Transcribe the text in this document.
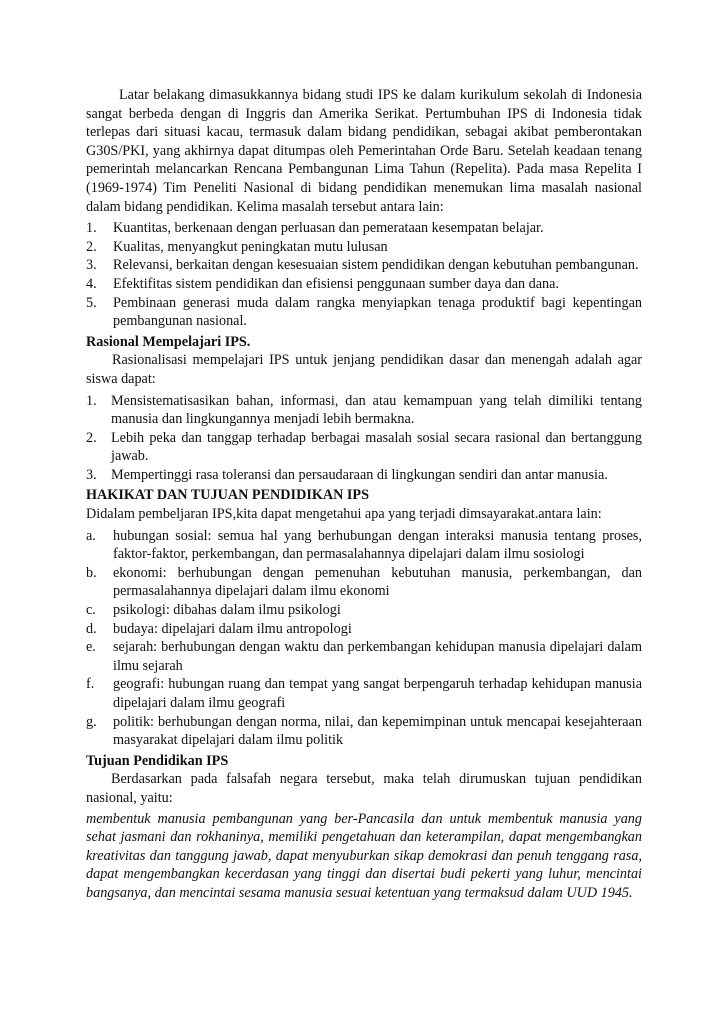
Latar belakang dimasukkannya bidang studi IPS ke dalam kurikulum sekolah di Indonesia sangat berbeda dengan di Inggris dan Amerika Serikat. Pertumbuhan IPS di Indonesia tidak terlepas dari situasi kacau, termasuk dalam bidang pendidikan, sebagai akibat pemberontakan G30S/PKI, yang akhirnya dapat ditumpas oleh Pemerintahan Orde Baru. Setelah keadaan tenang pemerintah melancarkan Rencana Pembangunan Lima Tahun (Repelita). Pada masa Repelita I (1969-1974) Tim Peneliti Nasional di bidang pendidikan menemukan lima masalah nasional dalam bidang pendidikan. Kelima masalah tersebut antara lain:

1. Kuantitas, berkenaan dengan perluasan dan pemerataan kesempatan belajar.
2. Kualitas, menyangkut peningkatan mutu lulusan
3. Relevansi, berkaitan dengan kesesuaian sistem pendidikan dengan kebutuhan pembangunan.
4. Efektifitas sistem pendidikan dan efisiensi penggunaan sumber daya dan dana.
5. Pembinaan generasi muda dalam rangka menyiapkan tenaga produktif bagi kepentingan pembangunan nasional.

Rasional Mempelajari IPS.

Rasionalisasi mempelajari IPS untuk jenjang pendidikan dasar dan menengah adalah agar siswa dapat:

1. Mensistematisasikan bahan, informasi, dan atau kemampuan yang telah dimiliki tentang manusia dan lingkungannya menjadi lebih bermakna.
2. Lebih peka dan tanggap terhadap berbagai masalah sosial secara rasional dan bertanggung jawab.
3. Mempertinggi rasa toleransi dan persaudaraan di lingkungan sendiri dan antar manusia.

HAKIKAT DAN TUJUAN PENDIDIKAN IPS

Didalam pembeljaran IPS,kita dapat mengetahui apa yang terjadi dimsayarakat.antara lain:

a. hubungan sosial: semua hal yang berhubungan dengan interaksi manusia tentang proses, faktor-faktor, perkembangan, dan permasalahannya dipelajari dalam ilmu sosiologi
b. ekonomi: berhubungan dengan pemenuhan kebutuhan manusia, perkembangan, dan permasalahannya dipelajari dalam ilmu ekonomi
c. psikologi: dibahas dalam ilmu psikologi
d. budaya: dipelajari dalam ilmu antropologi
e. sejarah: berhubungan dengan waktu dan perkembangan kehidupan manusia dipelajari dalam ilmu sejarah
f. geografi: hubungan ruang dan tempat yang sangat berpengaruh terhadap kehidupan manusia dipelajari dalam ilmu geografi
g. politik: berhubungan dengan norma, nilai, dan kepemimpinan untuk mencapai kesejahteraan masyarakat dipelajari dalam ilmu politik

Tujuan Pendidikan IPS

Berdasarkan pada falsafah negara tersebut, maka telah dirumuskan tujuan pendidikan nasional, yaitu:

membentuk manusia pembangunan yang ber-Pancasila dan untuk membentuk manusia yang sehat jasmani dan rokhaninya, memiliki pengetahuan dan keterampilan, dapat mengembangkan kreativitas dan tanggung jawab, dapat menyuburkan sikap demokrasi dan penuh tenggang rasa, dapat mengembangkan kecerdasan yang tinggi dan disertai budi pekerti yang luhur, mencintai bangsanya, dan mencintai sesama manusia sesuai ketentuan yang termaksud dalam UUD 1945.
